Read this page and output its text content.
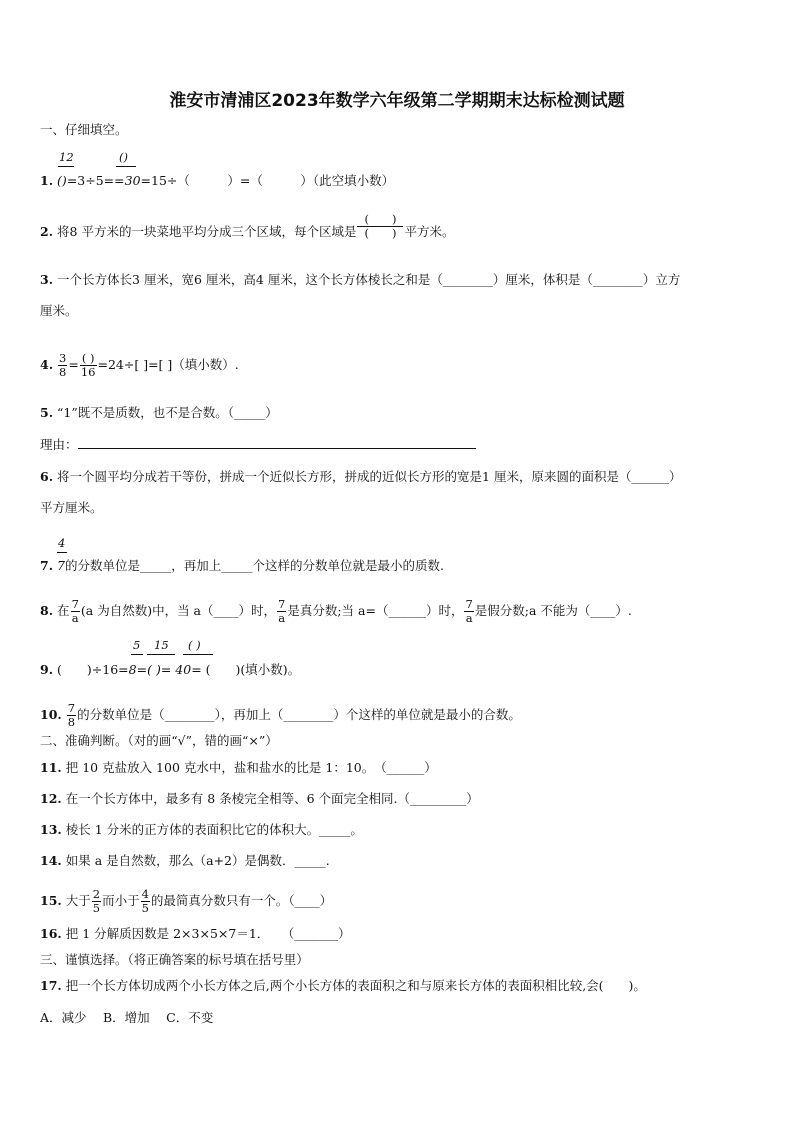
淮安市清浦区2023年数学六年级第二学期期末达标检测试题
一、仔细填空。
12	()
1. ()=3÷5==30=15÷（　　　）=（　　　）（此空填小数）
2. 将8 平方米的一块菜地平均分成三个区域，每个区域是 $\frac{( )}{( )}$ 平方米。
3. 一个长方体长3 厘米，宽6 厘米，高4 厘米，这个长方体棱长之和是（________）厘米，体积是（________）立方
厘米。
4. $\frac{3}{8} = \frac{( )}{16} =24\div$[ ]=[ ]（填小数）.
5. “1”既不是质数，也不是合数。（_____）
理由：
6. 将一个圆平均分成若干等份，拼成一个近似长方形，拼成的近似长方形的宽是1 厘米，原来圆的面积是（______）
平方厘米。
4
7. 7的分数单位是_____，再加上_____个这样的分数单位就是最小的质数.
8. 在 $\frac{7}{a} (a$ 为自然数)中，当 a（____）时， $\frac{7}{a}$ 是真分数;当 a=（______）时， $\frac{7}{a}$ 是假分数;a 不能为（____）.
5 15 ( )
9. (　　)÷16=8=( )= 40= (　　)(填小数)。
10. $\frac{7}{8}$ 的分数单位是（________），再加上（________）个这样的单位就是最小的合数。
二、准确判断。（对的画“√”，错的画“×”）
11. 把 10 克盐放入 100 克水中，盐和盐水的比是 1：10。　（______）
12. 在一个长方体中，最多有 8 条棱完全相等、6 个面完全相同.（_________）
13. 棱长 1 分米的正方体的表面积比它的体积大。_____。
14. 如果 a 是自然数，那么（a+2）是偶数．_____.
15. 大于 $\frac{2}{5}$ 而小于 $\frac{4}{5}$ 的最简真分数只有一个。（____）
16. 把 1 分解质因数是 2×3×5×7＝1．　　（_______）
三、谨慎选择。（将正确答案的标号填在括号里）
17. 把一个长方体切成两个小长方体之后,两个小长方体的表面积之和与原来长方体的表面积相比较,会(　　)。
A．减少　 B．增加　 C．不变
